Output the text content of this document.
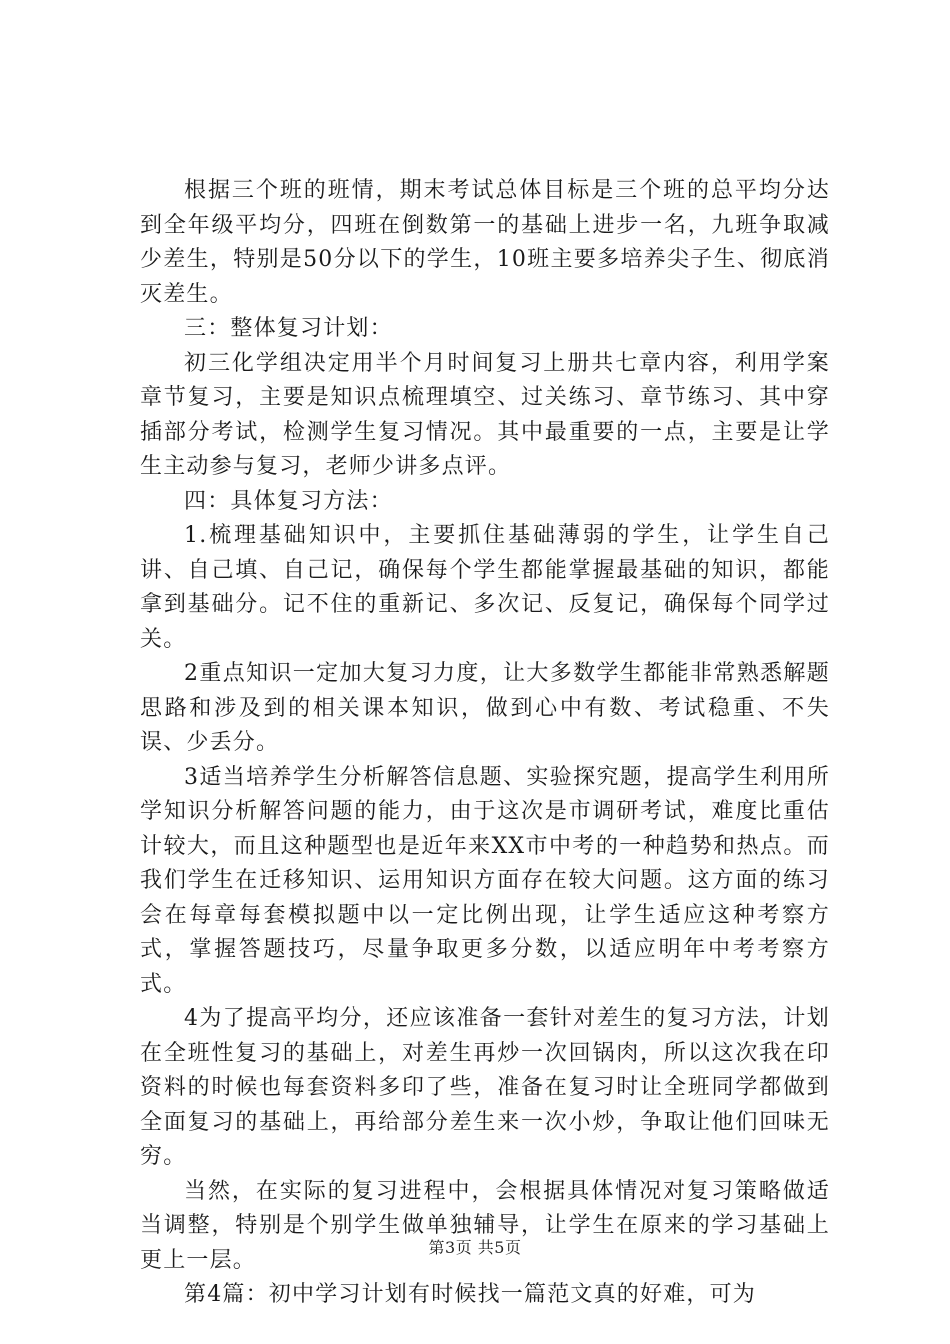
根据三个班的班情，期末考试总体目标是三个班的总平均分达到全年级平均分，四班在倒数第一的基础上进步一名，九班争取减少差生，特别是50分以下的学生，10班主要多培养尖子生、彻底消灭差生。

三：整体复习计划：

初三化学组决定用半个月时间复习上册共七章内容，利用学案章节复习，主要是知识点梳理填空、过关练习、章节练习、其中穿插部分考试，检测学生复习情况。其中最重要的一点，主要是让学生主动参与复习，老师少讲多点评。

四：具体复习方法：

1.梳理基础知识中，主要抓住基础薄弱的学生，让学生自己讲、自己填、自己记，确保每个学生都能掌握最基础的知识，都能拿到基础分。记不住的重新记、多次记、反复记，确保每个同学过关。

2重点知识一定加大复习力度，让大多数学生都能非常熟悉解题思路和涉及到的相关课本知识，做到心中有数、考试稳重、不失误、少丢分。

3适当培养学生分析解答信息题、实验探究题，提高学生利用所学知识分析解答问题的能力，由于这次是市调研考试，难度比重估计较大，而且这种题型也是近年来XX市中考的一种趋势和热点。而我们学生在迁移知识、运用知识方面存在较大问题。这方面的练习会在每章每套模拟题中以一定比例出现，让学生适应这种考察方式，掌握答题技巧，尽量争取更多分数，以适应明年中考考察方式。

4为了提高平均分，还应该准备一套针对差生的复习方法，计划在全班性复习的基础上，对差生再炒一次回锅肉，所以这次我在印资料的时候也每套资料多印了些，准备在复习时让全班同学都做到全面复习的基础上，再给部分差生来一次小炒，争取让他们回味无穷。

当然，在实际的复习进程中，会根据具体情况对复习策略做适当调整，特别是个别学生做单独辅导，让学生在原来的学习基础上更上一层。

第4篇：初中学习计划有时候找一篇范文真的好难，可为

第3页 共5页
